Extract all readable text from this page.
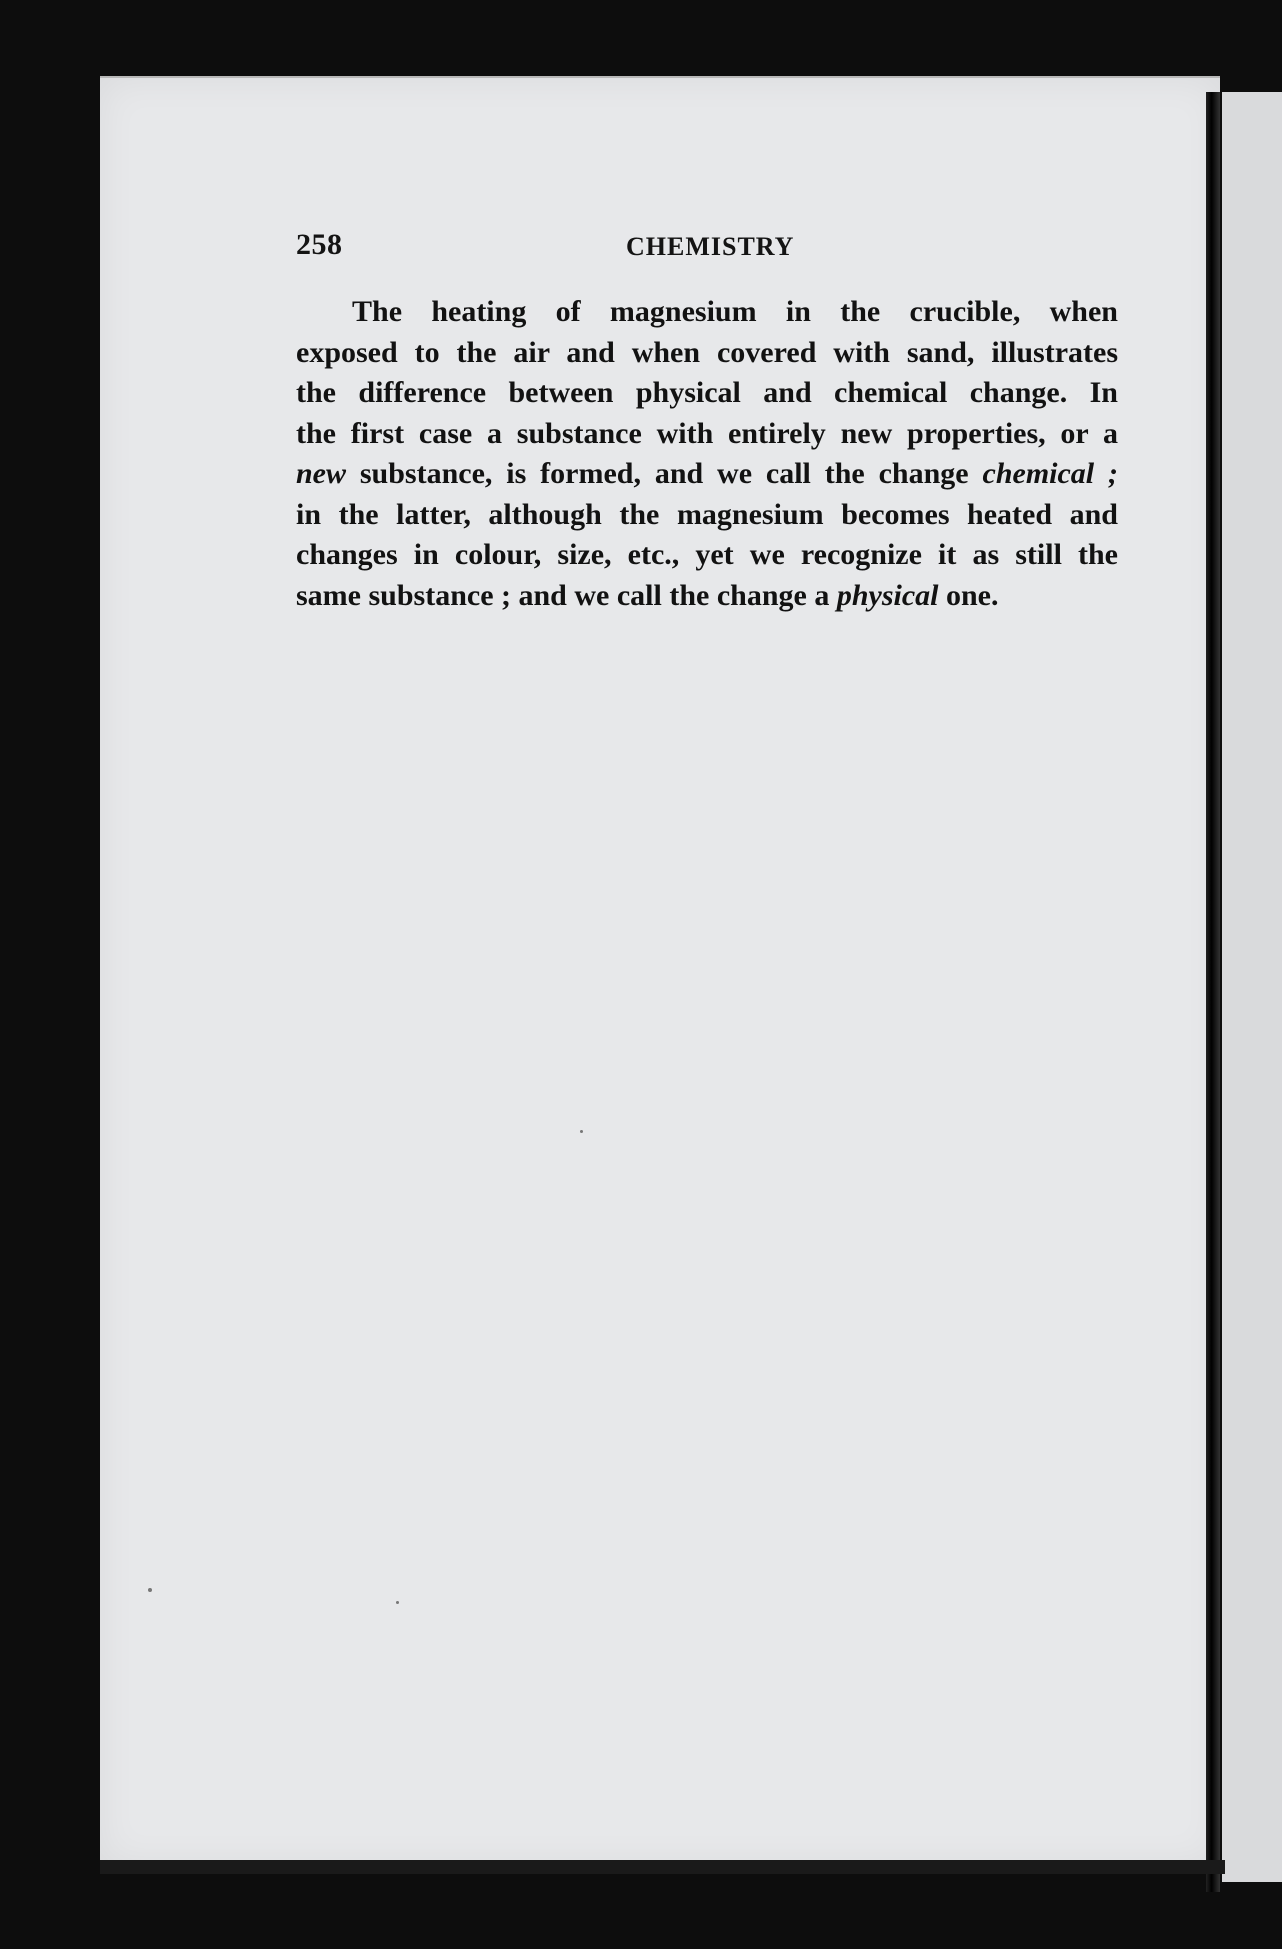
258	CHEMISTRY
The heating of magnesium in the crucible, when
exposed to the air and when covered with sand, illustrates
the difference between physical and chemical change. In
the first case a substance with entirely new properties, or a
new substance, is formed, and we call the change chemical ;
in the latter, although the magnesium becomes heated and
changes in colour, size, etc., yet we recognize it as still the
same substance ; and we call the change a physical one.
